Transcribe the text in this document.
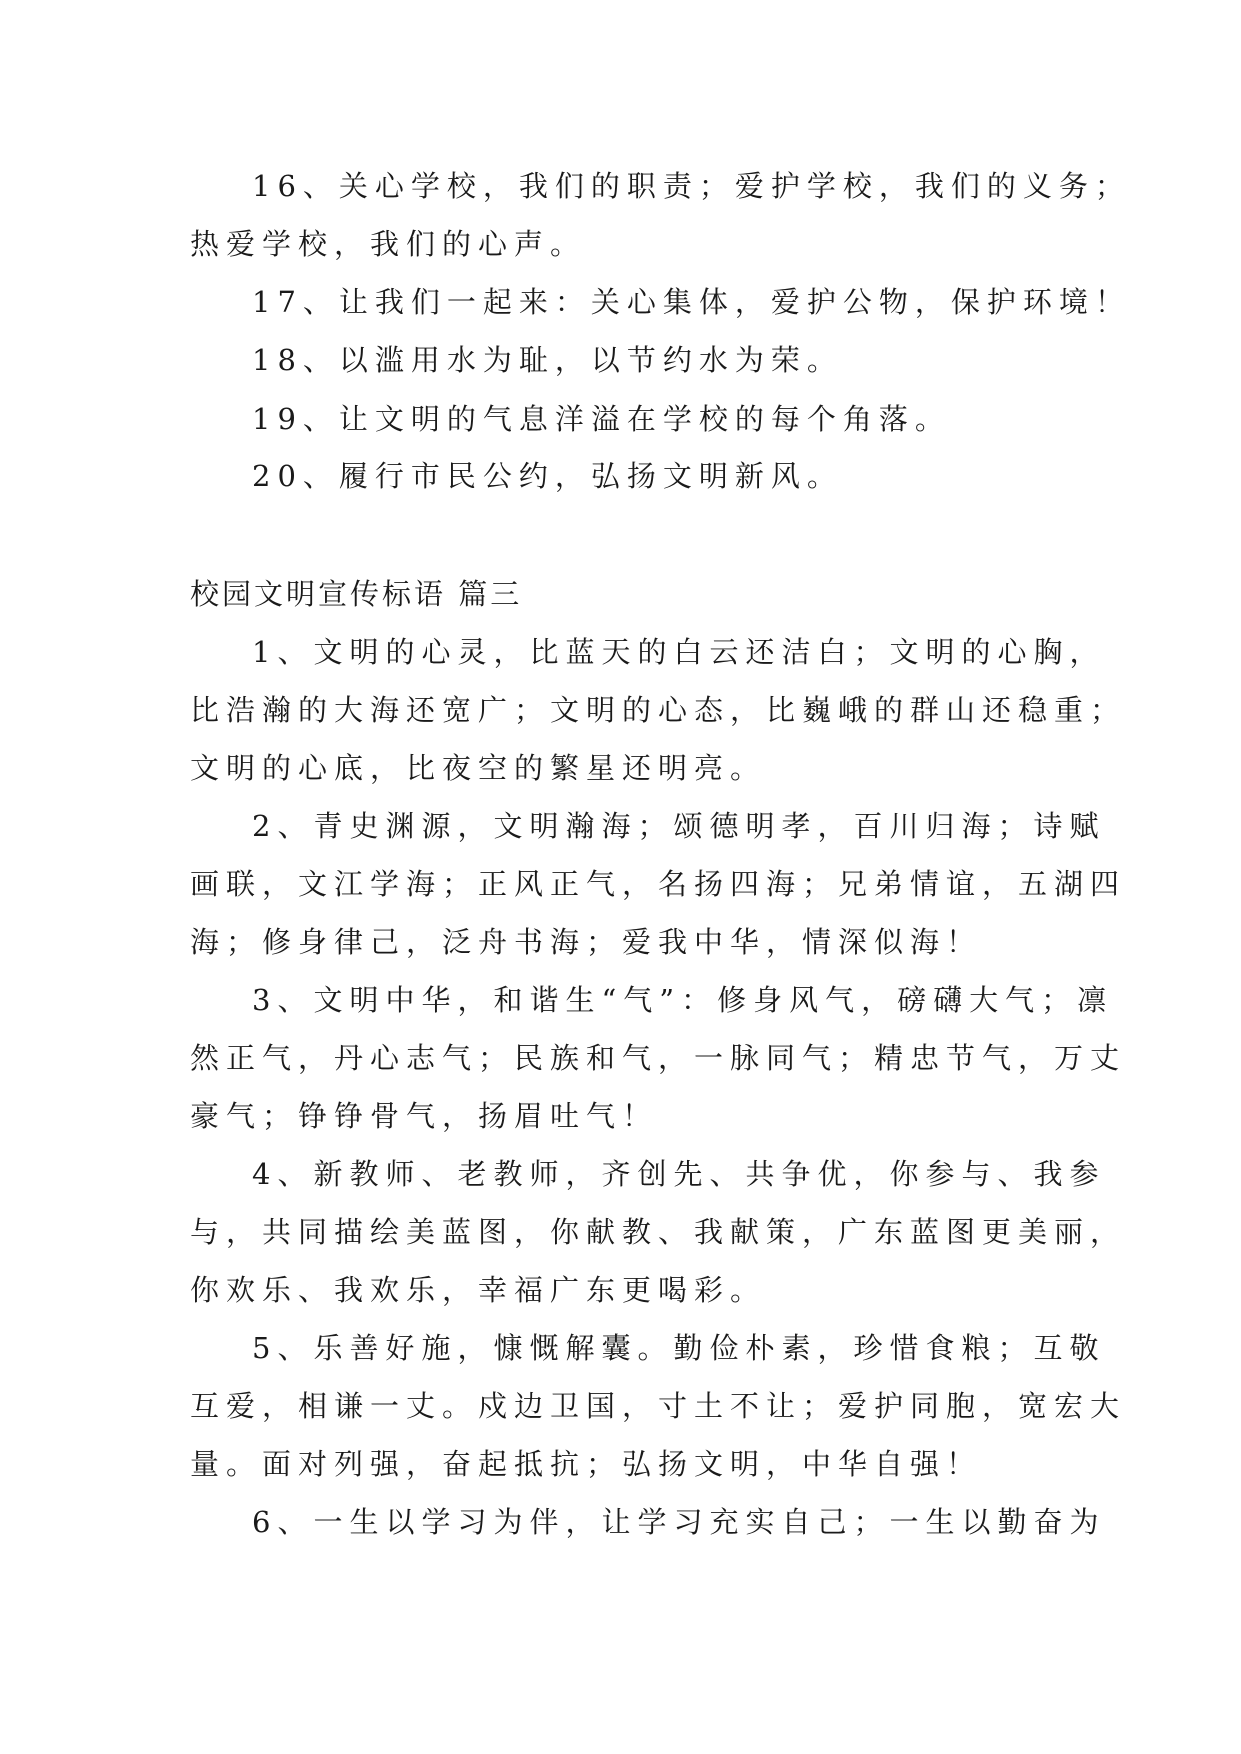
16、关心学校，我们的职责；爱护学校，我们的义务；
热爱学校，我们的心声。
17、让我们一起来：关心集体，爱护公物，保护环境！
18、以滥用水为耻，以节约水为荣。
19、让文明的气息洋溢在学校的每个角落。
20、履行市民公约，弘扬文明新风。
校园文明宣传标语 篇三
1、文明的心灵，比蓝天的白云还洁白；文明的心胸，
比浩瀚的大海还宽广；文明的心态，比巍峨的群山还稳重；
文明的心底，比夜空的繁星还明亮。
2、青史渊源，文明瀚海；颂德明孝，百川归海；诗赋
画联，文江学海；正风正气，名扬四海；兄弟情谊，五湖四
海；修身律己，泛舟书海；爱我中华，情深似海！
3、文明中华，和谐生“气”：修身风气，磅礴大气；凛
然正气，丹心志气；民族和气，一脉同气；精忠节气，万丈
豪气；铮铮骨气，扬眉吐气！
4、新教师、老教师，齐创先、共争优，你参与、我参
与，共同描绘美蓝图，你献教、我献策，广东蓝图更美丽，
你欢乐、我欢乐，幸福广东更喝彩。
5、乐善好施，慷慨解囊。勤俭朴素，珍惜食粮；互敬
互爱，相谦一丈。戍边卫国，寸土不让；爱护同胞，宽宏大
量。面对列强，奋起抵抗；弘扬文明，中华自强！
6、一生以学习为伴，让学习充实自己；一生以勤奋为
